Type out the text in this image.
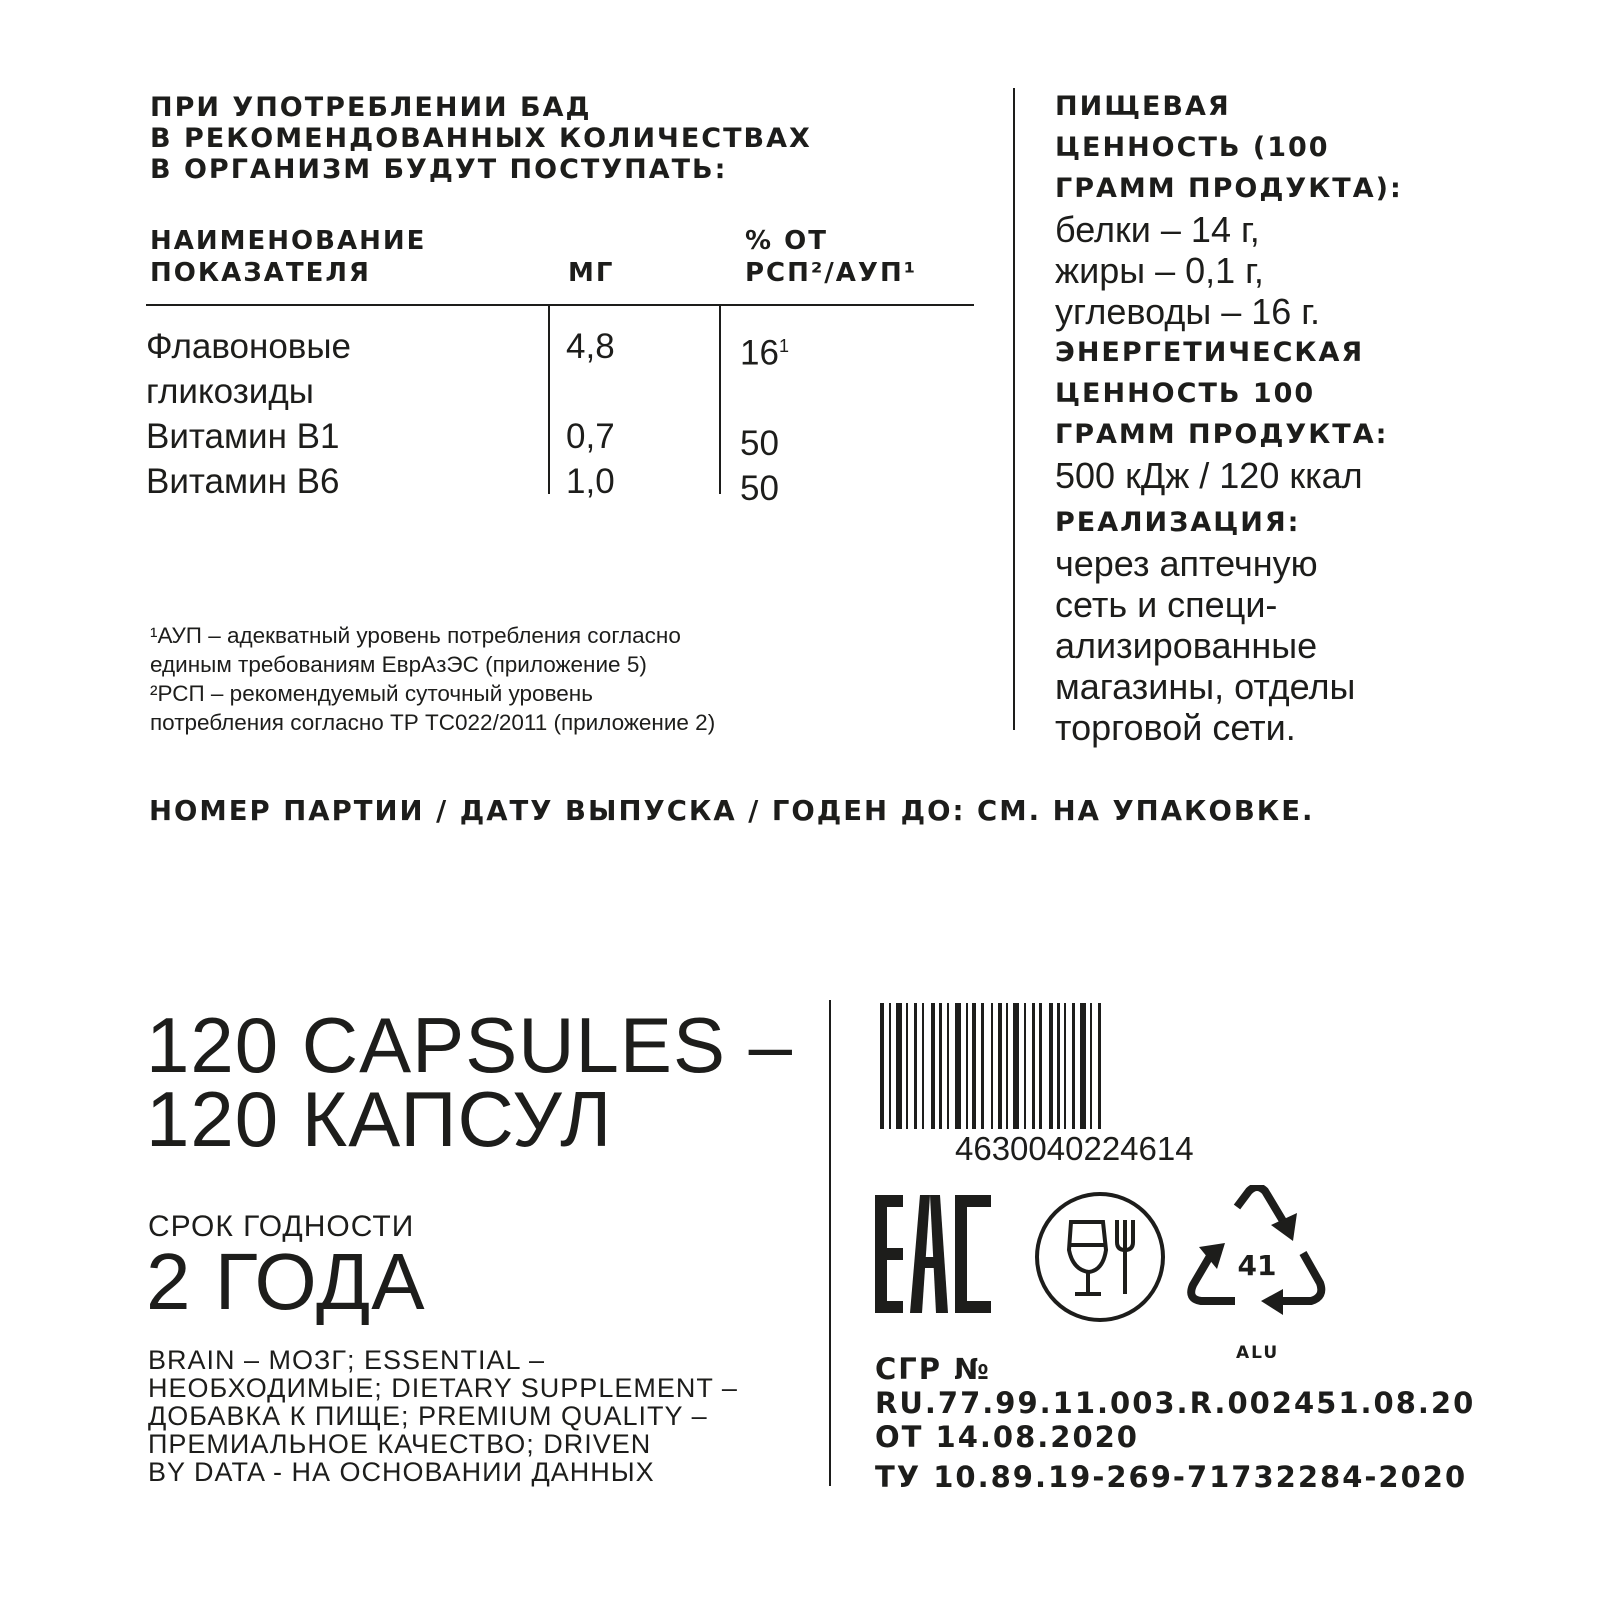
ПРИ УПОТРЕБЛЕНИИ БАД
В РЕКОМЕНДОВАННЫХ КОЛИЧЕСТВАХ
В ОРГАНИЗМ БУДУТ ПОСТУПАТЬ:
НАИМЕНОВАНИЕ
ПОКАЗАТЕЛЯ	МГ
% ОТ
РСП²/АУП¹
Флавоновые
гликозиды
Витамин В1
Витамин В6
4,8

0,7
1,0
$16^1$

50
50
¹АУП – адекватный уровень потребления согласно
единым требованиям ЕврАзЭС (приложение 5)
²РСП – рекомендуемый суточный уровень
потребления согласно ТР ТС022/2011 (приложение 2)
ПИЩЕВАЯ
ЦЕННОСТЬ (100
ГРАММ ПРОДУКТА):
белки – 14 г,
жиры – 0,1 г,
углеводы – 16 г.
ЭНЕРГЕТИЧЕСКАЯ
ЦЕННОСТЬ 100
ГРАММ ПРОДУКТА:
500 кДж / 120 ккал
РЕАЛИЗАЦИЯ:
через аптечную
сеть и специ-
ализированные
магазины, отделы
торговой сети.
НОМЕР ПАРТИИ / ДАТУ ВЫПУСКА / ГОДЕН ДО: СМ. НА УПАКОВКЕ.
120 CAPSULES –
120 КАПСУЛ
СРОК ГОДНОСТИ
2 ГОДА
BRAIN – МОЗГ; ESSENTIAL –
НЕОБХОДИМЫЕ; DIETARY SUPPLEMENT –
ДОБАВКА К ПИЩЕ; PREMIUM QUALITY –
ПРЕМИАЛЬНОЕ КАЧЕСТВО; DRIVEN
BY DATA - НА ОСНОВАНИИ ДАННЫХ
4630040224614
41
ALU
СГР №
RU.77.99.11.003.R.002451.08.20
ОТ 14.08.2020
ТУ 10.89.19-269-71732284-2020
